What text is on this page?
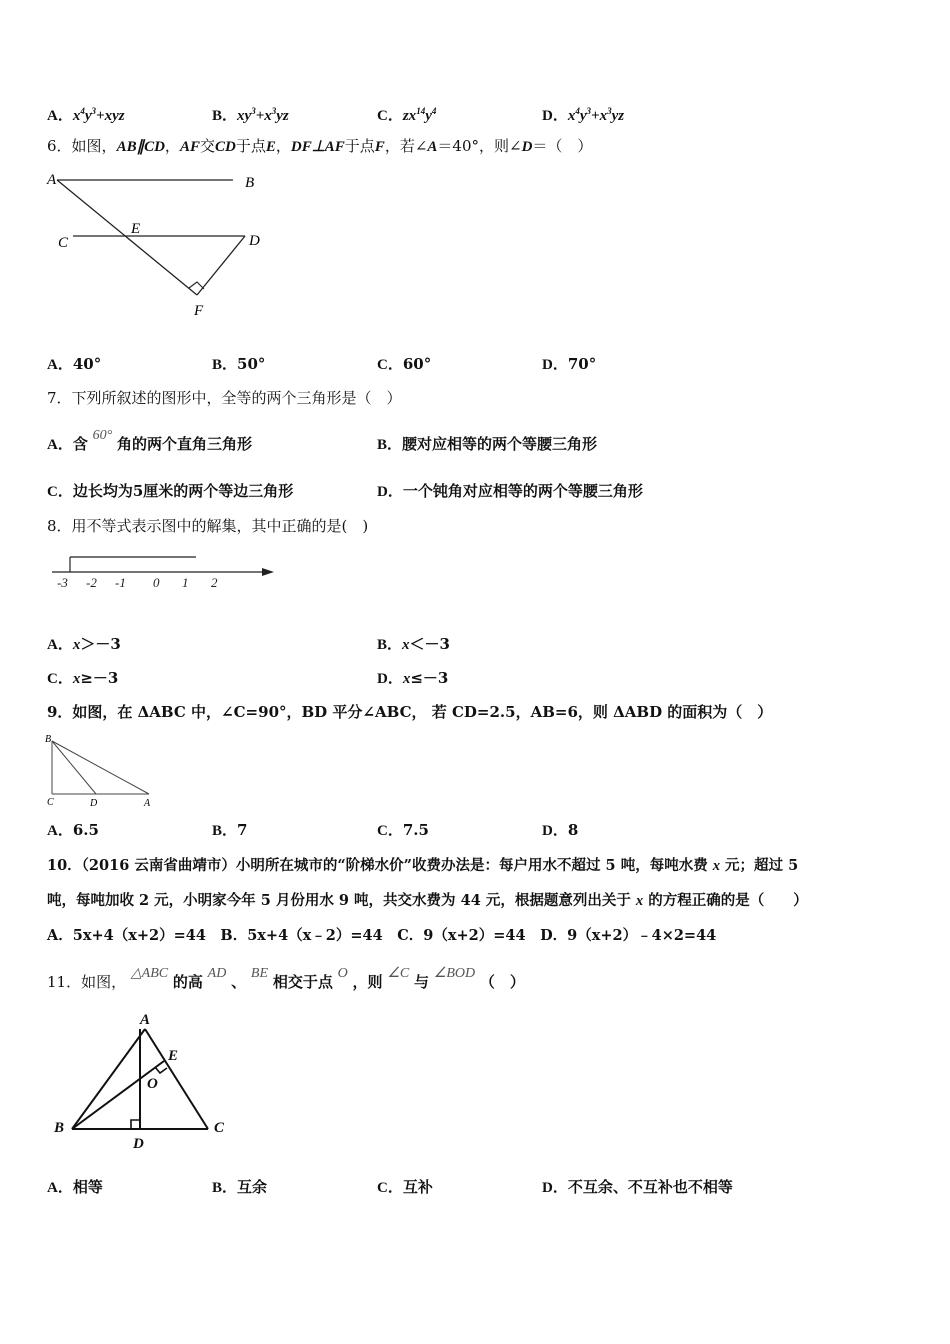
A．$x^4y^3+xyz$	B．$xy^3+x^3yz$	C．$zx^{14}y^4$	D．$x^4y^3+x^3yz$
6．如图，AB∥CD，AF交CD于点E，DF⊥AF于点F，若∠A＝40°，则∠D＝（　）
A	B
C	D
E
F
A．40°	B．50°	C．60°	D．70°
7．下列所叙述的图形中，全等的两个三角形是（　）
A．含 60° 角的两个直角三角形	B．腰对应相等的两个等腰三角形
C．边长均为5厘米的两个等边三角形	D．一个钝角对应相等的两个等腰三角形
8．用不等式表示图中的解集，其中正确的是(　)
-3 -2 -1 0 1 2
A．x＞－3	B．x＜－3
C．x≥－3	D．x≤－3
9．如图，在 ΔABC 中，∠C=90°，BD 平分∠ABC， 若 CD=2.5，AB=6，则 ΔABD 的面积为（　）
B
C	D	A
A．6.5	B．7	C．7.5	D．8
10．（2016 云南省曲靖市）小明所在城市的“阶梯水价”收费办法是：每户用水不超过 5 吨，每吨水费 x 元；超过 5
吨，每吨加收 2 元，小明家今年 5 月份用水 9 吨，共交水费为 44 元，根据题意列出关于 x 的方程正确的是（　　）
A．5x+4（x+2）=44　B．5x+4（x﹣2）=44　C．9（x+2）=44　D．9（x+2）﹣4×2=44
11．如图， △ABC 的高 AD 、 BE 相交于点 O ，则 ∠C 与 ∠BOD （　）
A
E
O
B	C
D
A．相等	B．互余	C．互补	D．不互余、不互补也不相等
